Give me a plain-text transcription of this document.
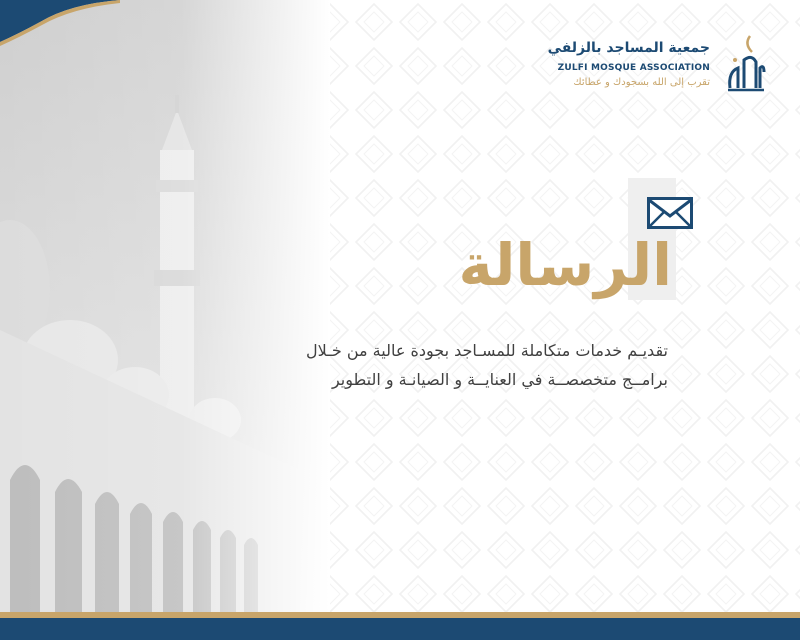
جمعية المساجد بالزلفي
ZULFI MOSQUE ASSOCIATION
تقرب إلى الله بسجودك و عطائك
الرسالة

تقديـم خدمات متكاملة للمسـاجد بجودة عالية من خـلال برامــج متخصصــة في العنايــة و الصيانـة و التطوير
